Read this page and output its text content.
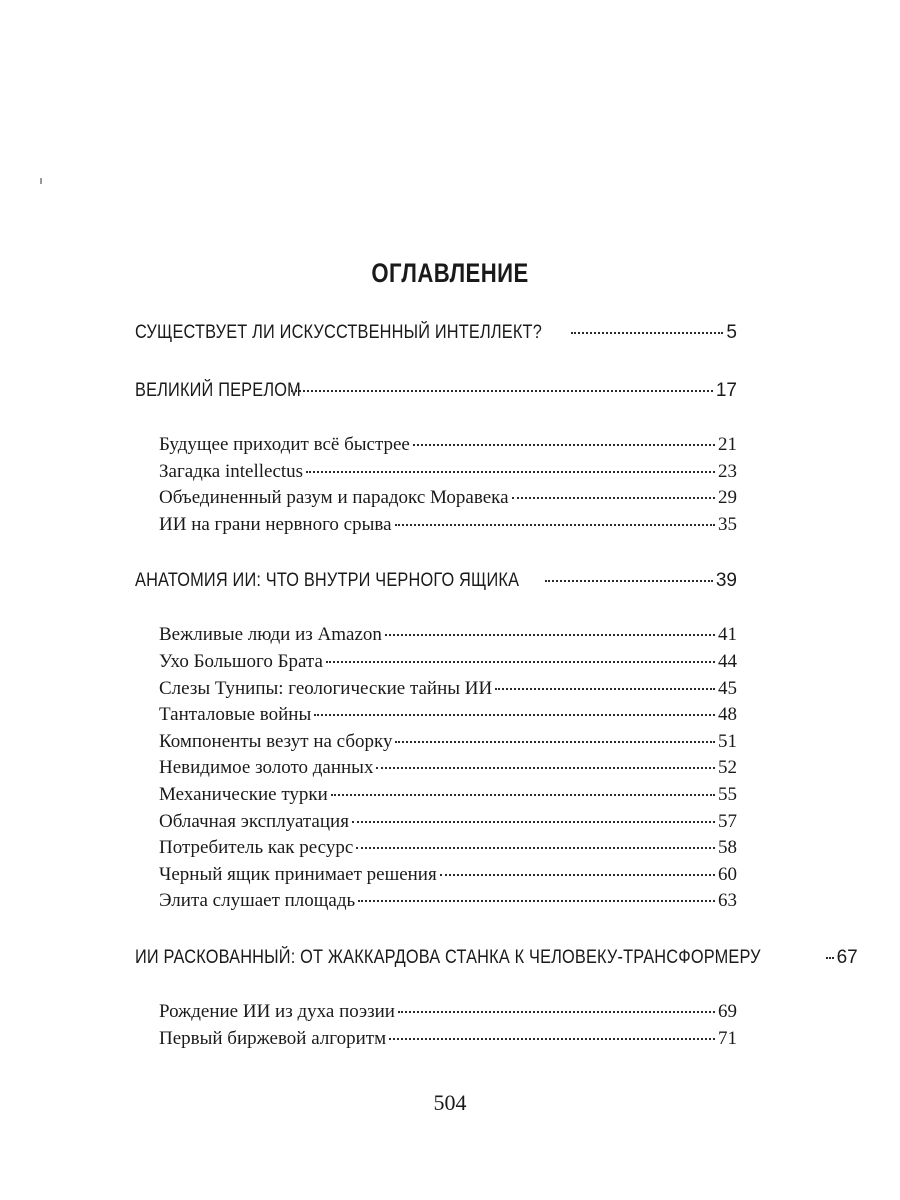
ОГЛАВЛЕНИЕ
СУЩЕСТВУЕТ ЛИ ИСКУССТВЕННЫЙ ИНТЕЛЛЕКТ?	5
ВЕЛИКИЙ ПЕРЕЛОМ	17
Будущее приходит всё быстрее	21
Загадка intellectus	23
Объединенный разум и парадокс Моравека	29
ИИ на грани нервного срыва	35
АНАТОМИЯ ИИ: ЧТО ВНУТРИ ЧЕРНОГО ЯЩИКА	39
Вежливые люди из Amazon	41
Ухо Большого Брата	44
Слезы Тунипы: геологические тайны ИИ	45
Танталовые войны	48
Компоненты везут на сборку	51
Невидимое золото данных	52
Механические турки	55
Облачная эксплуатация	57
Потребитель как ресурс	58
Черный ящик принимает решения	60
Элита слушает площадь	63
ИИ РАСКОВАННЫЙ: ОТ ЖАККАРДОВА СТАНКА К ЧЕЛОВЕКУ-ТРАНСФОРМЕРУ	67
Рождение ИИ из духа поэзии	69
Первый биржевой алгоритм	71

504
